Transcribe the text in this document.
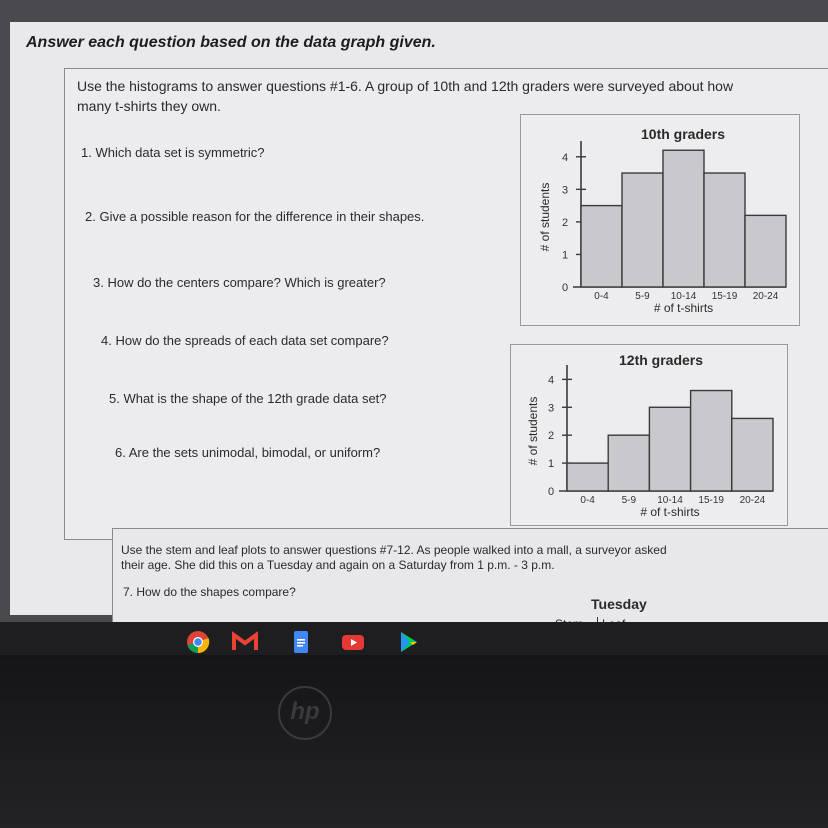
Answer each question based on the data graph given.
Use the histograms to answer questions #1-6. A group of 10th and 12th graders were surveyed about how
many t-shirts they own.
1. Which data set is symmetric?
2. Give a possible reason for the difference in their shapes.
3. How do the centers compare? Which is greater?
4. How do the spreads of each data set compare?
5. What is the shape of the 12th grade data set?
6. Are the sets unimodal, bimodal, or uniform?
10th graders
0
1
2
3
4
0-4	5-9 10-14 15-19 20-24
# of t-shirts
# of students
12th graders
0
1
2
3
4
0-4	5-9 10-14 15-19 20-24
# of t-shirts
# of students
Use the stem and leaf plots to answer questions #7-12. As people walked into a mall, a surveyor asked
their age. She did this on a Tuesday and again on a Saturday from 1 p.m. - 3 p.m.
7. How do the shapes compare?
Tuesday
hp
